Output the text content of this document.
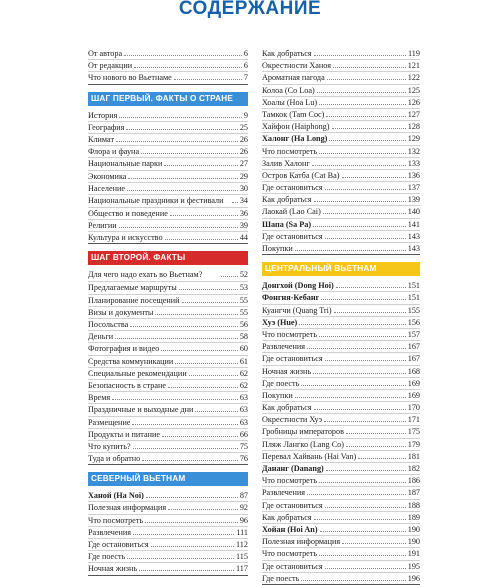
СОДЕРЖАНИЕ
От автора	6
От редакции	6
Что нового во Вьетнаме	7
ШАГ ПЕРВЫЙ. ФАКТЫ О СТРАНЕ
История	9
География	25
Климат	26
Флора и фауна	26
Национальные парки	27
Экономика	29
Население	30
Национальные праздники и фестивали	34
Общество и поведение	36
Религии	39
Культура и искусство	44
ШАГ ВТОРОЙ. ФАКТЫ
Для чего надо ехать во Вьетнам?	52
Предлагаемые маршруты	53
Планирование посещений	55
Визы и документы	55
Посольства	56
Деньги	58
Фотография и видео	60
Средства коммуникации	61
Специальные рекомендации	62
Безопасность в стране	62
Время	63
Праздничные и выходные дни	63
Размещение	63
Продукты и питание	66
Что купить?	75
Туда и обратно	76
СЕВЕРНЫЙ ВЬЕТНАМ
Ханой (Ha Noi)	87
Полезная информация	92
Что посмотреть	96
Развлечения	111
Где остановиться	112
Где поесть	115
Ночная жизнь	117
Как добраться	119
Окрестности Ханоя	121
Ароматная пагода	122
Колоа (Co Loa)	125
Хоалы (Hoa Lu)	126
Тамкок (Tam Coc)	127
Хайфон (Haiphong)	128
Халонг (Ha Long)	129
Что посмотреть	132
Залив Халонг	133
Остров Катба (Cat Ba)	136
Где остановиться	137
Как добраться	139
Лаокай (Lao Cai)	140
Шапа (Sa Pa)	141
Где остановиться	143
Покупки	143
ЦЕНТРАЛЬНЫЙ ВЬЕТНАМ
Донгхой (Dong Hoi)	151
Фонгня-Кебанг	151
Куангчи (Quang Tri)	155
Хуэ (Hue)	156
Что посмотреть	157
Развлечения	167
Где остановиться	167
Ночная жизнь	168
Где поесть	169
Покупки	169
Как добраться	170
Окрестности Хуэ	171
Гробницы императоров	175
Пляж Лангко (Lang Co)	179
Перевал Хайвань (Hai Van)	181
Дананг (Danang)	182
Что посмотреть	186
Развлечения	187
Где остановиться	188
Как добраться	189
Хойан (Hoi An)	190
Полезная информация	190
Что посмотреть	191
Где остановиться	195
Где поесть	196
